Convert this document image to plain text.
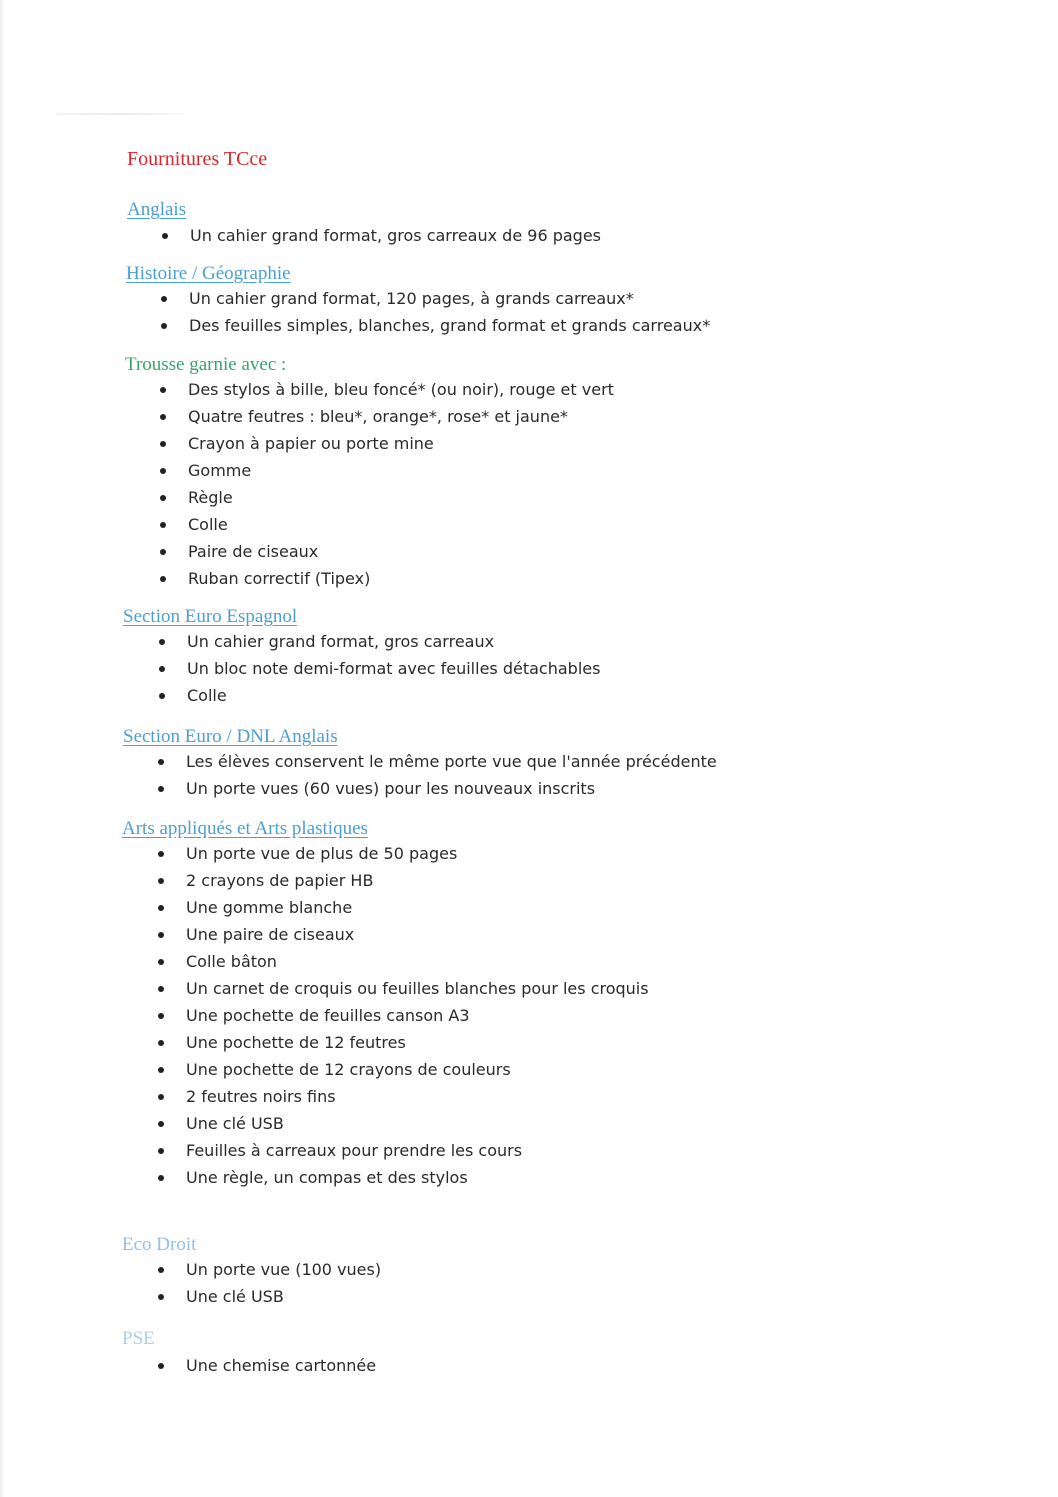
Fournitures TCce
Anglais
Un cahier grand format, gros carreaux de 96 pages
Histoire / Géographie
Un cahier grand format, 120 pages, à grands carreaux*
Des feuilles simples, blanches, grand format et grands carreaux*
Trousse garnie avec :
Des stylos à bille, bleu foncé* (ou noir), rouge et vert
Quatre feutres : bleu*, orange*, rose* et jaune*
Crayon à papier ou porte mine
Gomme
Règle
Colle
Paire de ciseaux
Ruban correctif (Tipex)
Section Euro Espagnol
Un cahier grand format, gros carreaux
Un bloc note demi-format avec feuilles détachables
Colle
Section Euro / DNL Anglais
Les élèves conservent le même porte vue que l'année précédente
Un porte vues (60 vues) pour les nouveaux inscrits
Arts appliqués et Arts plastiques
Un porte vue de plus de 50 pages
2 crayons de papier HB
Une gomme blanche
Une paire de ciseaux
Colle bâton
Un carnet de croquis ou feuilles blanches pour les croquis
Une pochette de feuilles canson A3
Une pochette de 12 feutres
Une pochette de 12 crayons de couleurs
2 feutres noirs fins
Une clé USB
Feuilles à carreaux pour prendre les cours
Une règle, un compas et des stylos
Eco Droit
Un porte vue (100 vues)
Une clé USB
PSE
Une chemise cartonnée
